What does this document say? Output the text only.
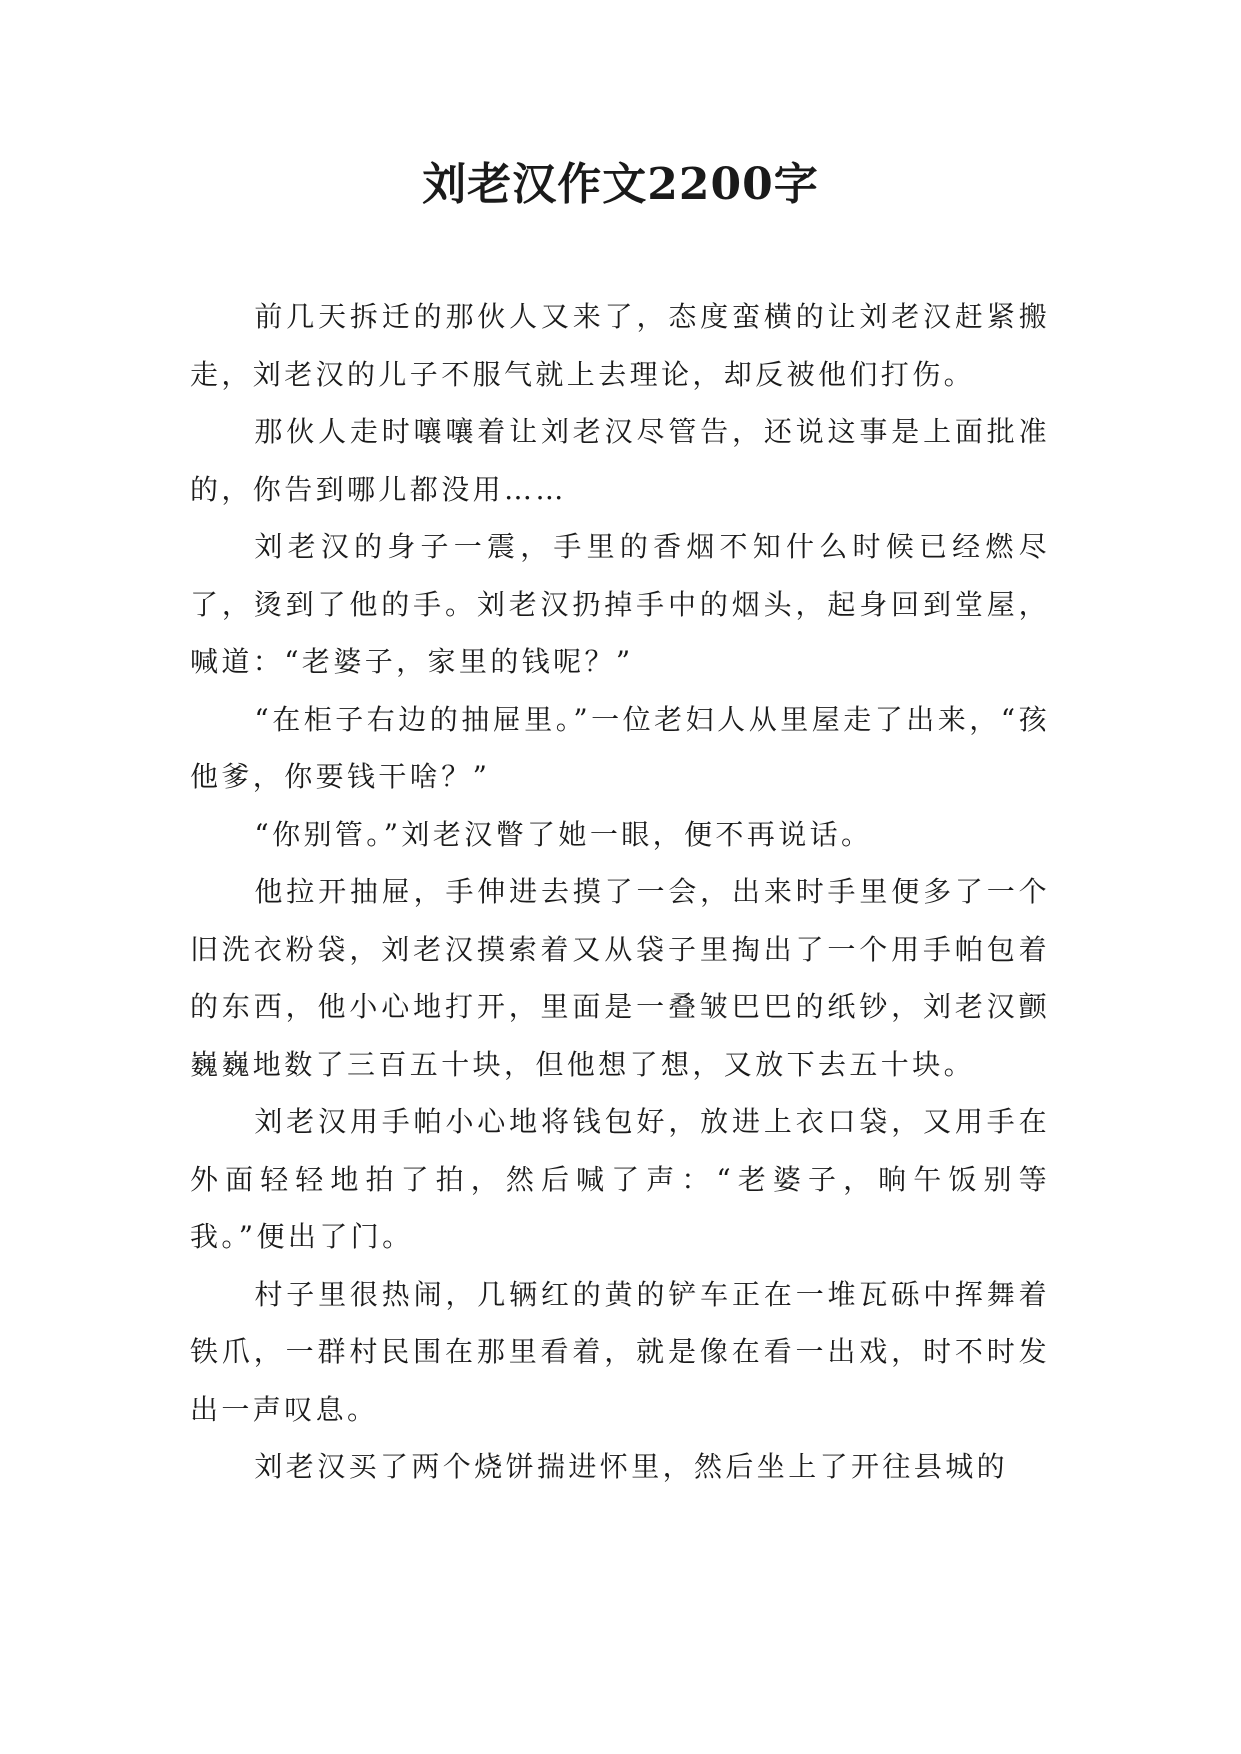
刘老汉作文2200字

前几天拆迁的那伙人又来了，态度蛮横的让刘老汉赶紧搬走，刘老汉的儿子不服气就上去理论，却反被他们打伤。

那伙人走时嚷嚷着让刘老汉尽管告，还说这事是上面批准的，你告到哪儿都没用……

刘老汉的身子一震，手里的香烟不知什么时候已经燃尽了，烫到了他的手。刘老汉扔掉手中的烟头，起身回到堂屋，喊道：“老婆子，家里的钱呢？”

“在柜子右边的抽屉里。”一位老妇人从里屋走了出来，“孩他爹，你要钱干啥？”

“你别管。”刘老汉瞥了她一眼，便不再说话。

他拉开抽屉，手伸进去摸了一会，出来时手里便多了一个旧洗衣粉袋，刘老汉摸索着又从袋子里掏出了一个用手帕包着的东西，他小心地打开，里面是一叠皱巴巴的纸钞，刘老汉颤巍巍地数了三百五十块，但他想了想，又放下去五十块。

刘老汉用手帕小心地将钱包好，放进上衣口袋，又用手在外面轻轻地拍了拍，然后喊了声：“老婆子，晌午饭别等我。”便出了门。

村子里很热闹，几辆红的黄的铲车正在一堆瓦砾中挥舞着铁爪，一群村民围在那里看着，就是像在看一出戏，时不时发出一声叹息。

刘老汉买了两个烧饼揣进怀里，然后坐上了开往县城的
